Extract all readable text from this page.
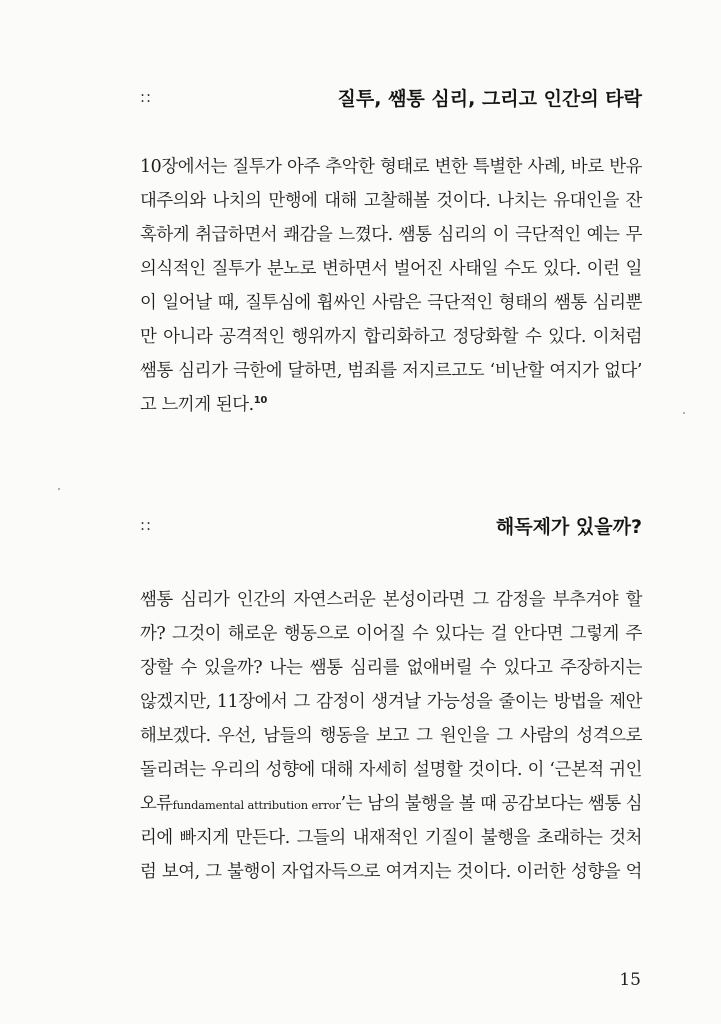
::	질투, 쌤통 심리, 그리고 인간의 타락
10장에서는 질투가 아주 추악한 형태로 변한 특별한 사례, 바로 반유
대주의와 나치의 만행에 대해 고찰해볼 것이다. 나치는 유대인을 잔
혹하게 취급하면서 쾌감을 느꼈다. 쌤통 심리의 이 극단적인 예는 무
의식적인 질투가 분노로 변하면서 벌어진 사태일 수도 있다. 이런 일
이 일어날 때, 질투심에 휩싸인 사람은 극단적인 형태의 쌤통 심리뿐
만 아니라 공격적인 행위까지 합리화하고 정당화할 수 있다. 이처럼
쌤통 심리가 극한에 달하면, 범죄를 저지르고도 ‘비난할 여지가 없다’
고 느끼게 된다.$^{10}$
::	해독제가 있을까?
쌤통 심리가 인간의 자연스러운 본성이라면 그 감정을 부추겨야 할
까? 그것이 해로운 행동으로 이어질 수 있다는 걸 안다면 그렇게 주
장할 수 있을까? 나는 쌤통 심리를 없애버릴 수 있다고 주장하지는
않겠지만, 11장에서 그 감정이 생겨날 가능성을 줄이는 방법을 제안
해보겠다. 우선, 남들의 행동을 보고 그 원인을 그 사람의 성격으로
돌리려는 우리의 성향에 대해 자세히 설명할 것이다. 이 ‘근본적 귀인
오류fundamental attribution error’는 남의 불행을 볼 때 공감보다는 쌤통 심
리에 빠지게 만든다. 그들의 내재적인 기질이 불행을 초래하는 것처
럼 보여, 그 불행이 자업자득으로 여겨지는 것이다. 이러한 성향을 억
15
